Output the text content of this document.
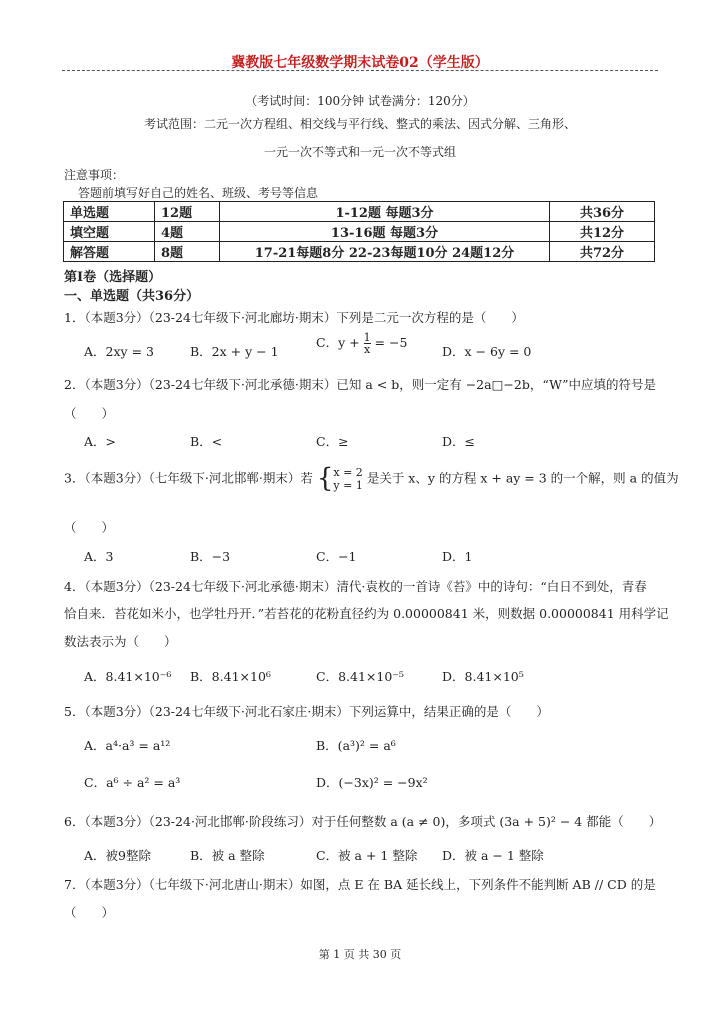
冀教版七年级数学期末试卷02（学生版）
（考试时间：100分钟 试卷满分：120分）
考试范围：二元一次方程组、相交线与平行线、整式的乘法、因式分解、三角形、
一元一次不等式和一元一次不等式组
注意事项：
答题前填写好自己的姓名、班级、考号等信息
单选题	12题	1-12题 每题3分	共36分
填空题	4题	13-16题 每题3分	共12分
解答题	8题	17-21每题8分 22-23每题10分 24题12分	共72分
第Ⅰ卷（选择题）
一、单选题（共36分）
1．（本题3分）（23-24七年级下·河北廊坊·期末）下列是二元一次方程的是（　　）
A．2xy = 3	B．2x + y − 1
C．$y + \frac{1}{x} = -5$
D．x − 6y = 0
2．（本题3分）（23-24七年级下·河北承德·期末）已知 a < b，则一定有 −2a□−2b，“W”中应填的符号是
（　　）
A．>	B．<	C．≥	D．≤
3．（本题3分）（七年级下·河北邯郸·期末）若 { x = 2
y = 1 是关于 x、y 的方程 x + ay = 3 的一个解，则 a 的值为
（　　）
A．3	B．−3	C．−1	D．1
4．（本题3分）（23-24七年级下·河北承德·期末）清代·袁枚的一首诗《苔》中的诗句：“白日不到处，青春
恰自来．苔花如米小，也学牡丹开．”若苔花的花粉直径约为 0.00000841 米，则数据 0.00000841 用科学记
数法表示为（　　）
A．8.41×10⁻⁶ B．8.41×10⁶	C．8.41×10⁻⁵	D．8.41×10⁵
5．（本题3分）（23-24七年级下·河北石家庄·期末）下列运算中，结果正确的是（　　）
A．a⁴·a³ = a¹²	B．(a³)² = a⁶
C．a⁶ ÷ a² = a³	D．(−3x)² = −9x²
6．（本题3分）（23-24·河北邯郸·阶段练习）对于任何整数 a (a ≠ 0)，多项式 (3a + 5)² − 4 都能（　　）
A．被9整除	B．被 a 整除	C．被 a + 1 整除 D．被 a − 1 整除
7．（本题3分）（七年级下·河北唐山·期末）如图，点 E 在 BA 延长线上，下列条件不能判断 AB // CD 的是
（　　）
第 1 页 共 30 页
